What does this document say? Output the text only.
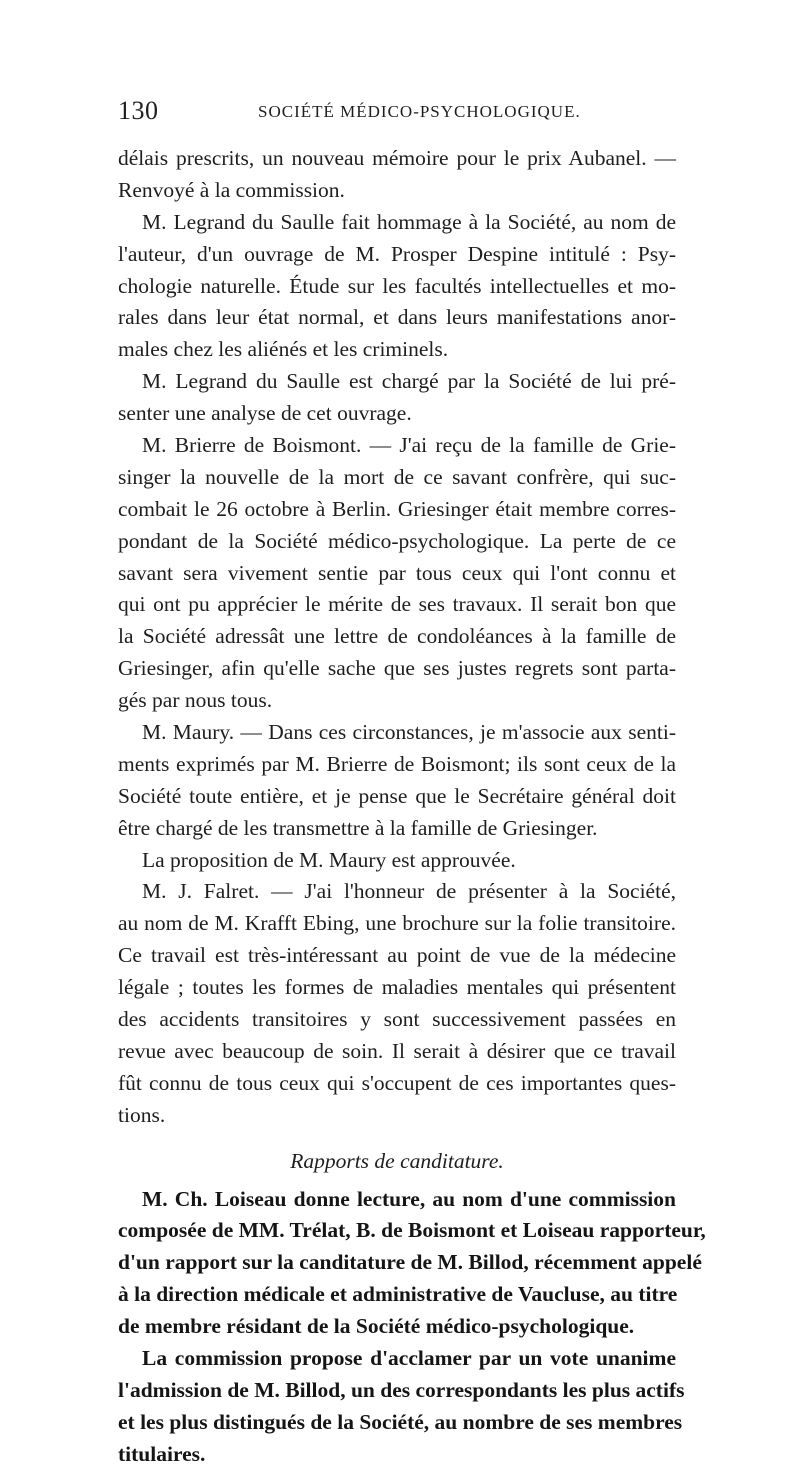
130	SOCIÉTÉ MÉDICO-PSYCHOLOGIQUE.
délais prescrits, un nouveau mémoire pour le prix Aubanel. —
Renvoyé à la commission.
M. Legrand du Saulle fait hommage à la Société, au nom de
l'auteur, d'un ouvrage de M. Prosper Despine intitulé : Psy-
chologie naturelle. Étude sur les facultés intellectuelles et mo-
rales dans leur état normal, et dans leurs manifestations anor-
males chez les aliénés et les criminels.
M. Legrand du Saulle est chargé par la Société de lui pré-
senter une analyse de cet ouvrage.
M. Brierre de Boismont. — J'ai reçu de la famille de Grie-
singer la nouvelle de la mort de ce savant confrère, qui suc-
combait le 26 octobre à Berlin. Griesinger était membre corres-
pondant de la Société médico-psychologique. La perte de ce
savant sera vivement sentie par tous ceux qui l'ont connu et
qui ont pu apprécier le mérite de ses travaux. Il serait bon que
la Société adressât une lettre de condoléances à la famille de
Griesinger, afin qu'elle sache que ses justes regrets sont parta-
gés par nous tous.
M. Maury. — Dans ces circonstances, je m'associe aux senti-
ments exprimés par M. Brierre de Boismont; ils sont ceux de la
Société toute entière, et je pense que le Secrétaire général doit
être chargé de les transmettre à la famille de Griesinger.
La proposition de M. Maury est approuvée.
M. J. Falret. — J'ai l'honneur de présenter à la Société,
au nom de M. Krafft Ebing, une brochure sur la folie transitoire.
Ce travail est très-intéressant au point de vue de la médecine
légale ; toutes les formes de maladies mentales qui présentent
des accidents transitoires y sont successivement passées en
revue avec beaucoup de soin. Il serait à désirer que ce travail
fût connu de tous ceux qui s'occupent de ces importantes ques-
tions.
Rapports de canditature.
M. Ch. Loiseau donne lecture, au nom d'une commission
composée de MM. Trélat, B. de Boismont et Loiseau rapporteur,
d'un rapport sur la canditature de M. Billod, récemment appelé
à la direction médicale et administrative de Vaucluse, au titre
de membre résidant de la Société médico-psychologique.
La commission propose d'acclamer par un vote unanime
l'admission de M. Billod, un des correspondants les plus actifs
et les plus distingués de la Société, au nombre de ses membres
titulaires.
